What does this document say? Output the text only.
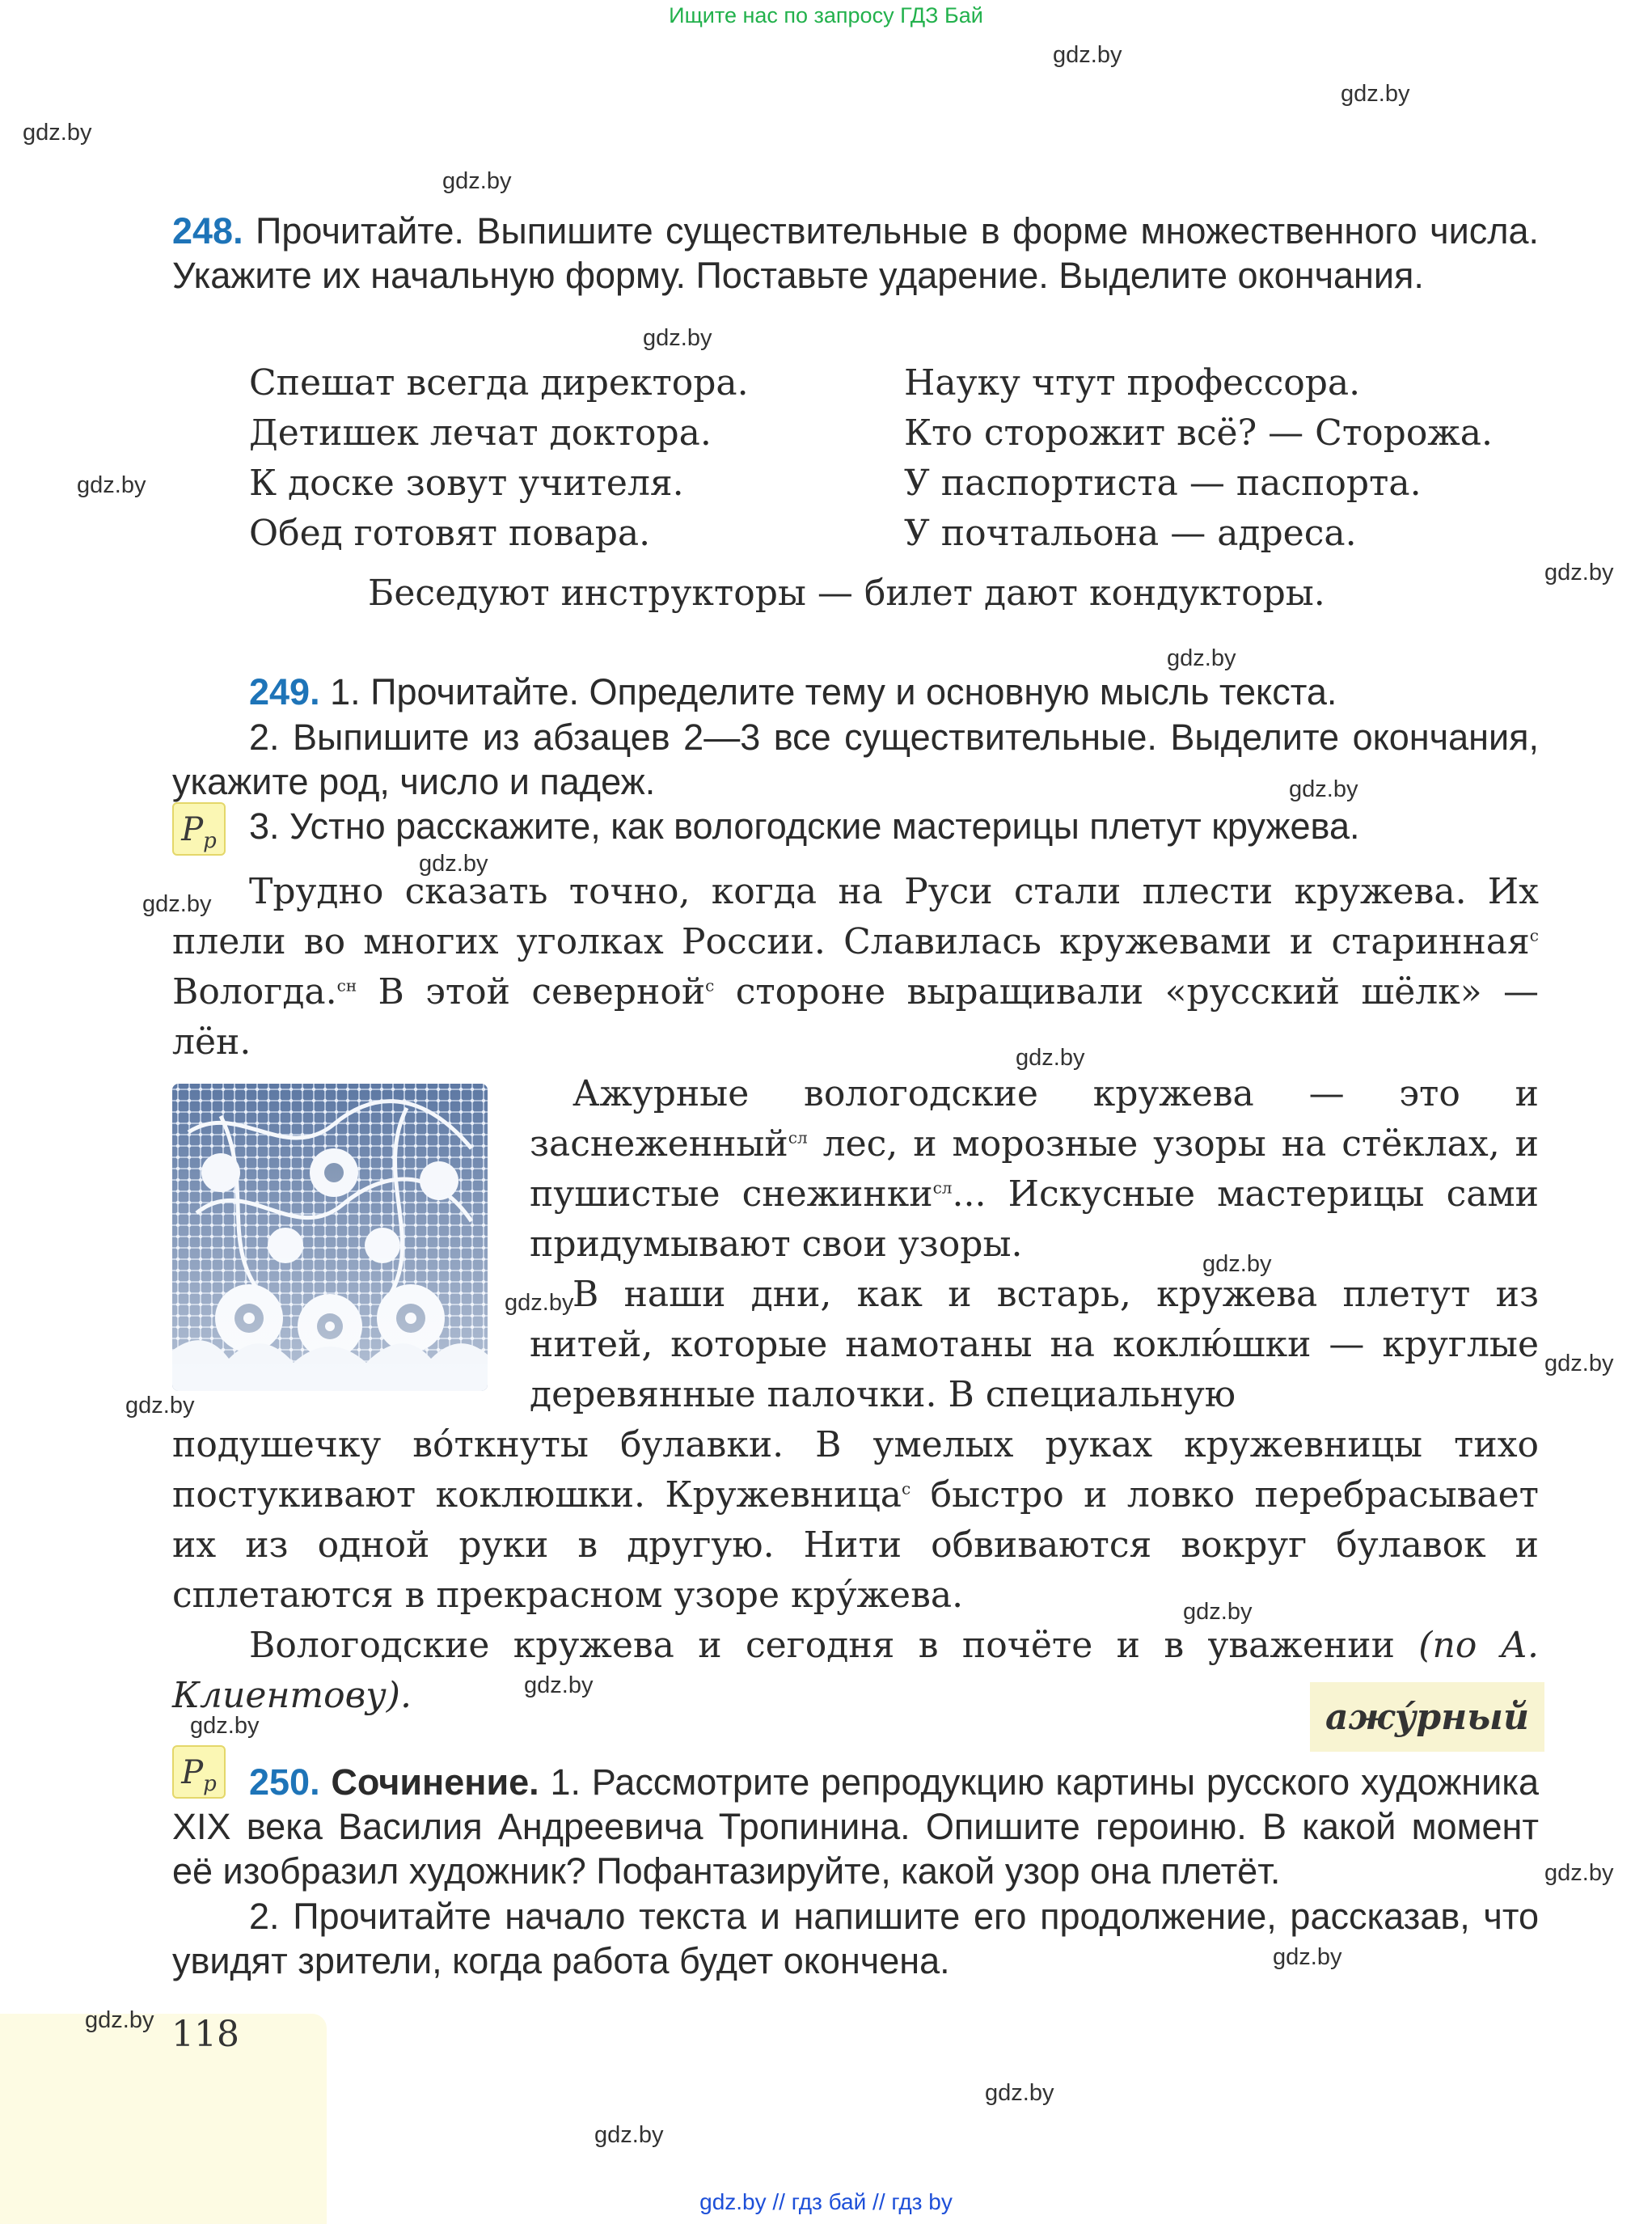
Ищите нас по запросу ГДЗ Бай
gdz.by
gdz.by
gdz.by
gdz.by
gdz.by
gdz.by
gdz.by
gdz.by
gdz.by
gdz.by
gdz.by
gdz.by
gdz.by
gdz.by
gdz.by
gdz.by
gdz.by
gdz.by
gdz.by
gdz.by
gdz.by
gdz.by
gdz.by
248. Прочитайте. Выпишите существительные в форме множественного числа. Укажите их начальную форму. Поставьте ударение. Выделите окончания.
Спешат всегда директора.
Детишек лечат доктора.
К доске зовут учителя.
Обед готовят повара.
Науку чтут профессора.
Кто сторожит всё? — Сторожа.
У паспортиста — паспорта.
У почтальона — адреса.
Беседуют инструкторы — билет дают кондукторы.
249. 1. Прочитайте. Определите тему и основную мысль текста.
2. Выпишите из абзацев 2—3 все существительные. Выделите окончания, укажите род, число и падеж.
$Р_р$ 3. Устно расскажите, как вологодские мастерицы плетут кружева.
Трудно сказать точно, когда на Руси стали плести кружева. Их плели во многих уголках России. Славилась кружевами и старинная$^с$ Вологда.$^{сн}$ В этой северной$^с$ стороне выращивали «русский шёлк» — лён.
Ажурные вологодские кружева — это и заснеженный$^{сл}$ лес, и морозные узоры на стёклах, и пушистые снежинки$^{сл}$... Искусные мастерицы сами придумывают свои узоры.
В наши дни, как и встарь, кружева плетут из нитей, которые намотаны на коклю́шки — круглые деревянные палочки. В специальную
подушечку во́ткнуты булавки. В умелых руках кружевницы тихо постукивают коклюшки. Кружевница$^с$ быстро и ловко перебрасывает их из одной руки в другую. Нити обвиваются вокруг булавок и сплетаются в прекрасном узоре кру́жева.
Вологодские кружева и сегодня в почёте и в уважении (по А. Клиентову).
ажу́рный
$Р_р$ 250. Сочинение. 1. Рассмотрите репродукцию картины русского художника XIX века Василия Андреевича Тропинина. Опишите героиню. В какой момент её изобразил художник? Пофантазируйте, какой узор она плетёт.
2. Прочитайте начало текста и напишите его продолжение, рассказав, что увидят зрители, когда работа будет окончена.
gdz.by 118
gdz.by // гдз бай // гдз by
